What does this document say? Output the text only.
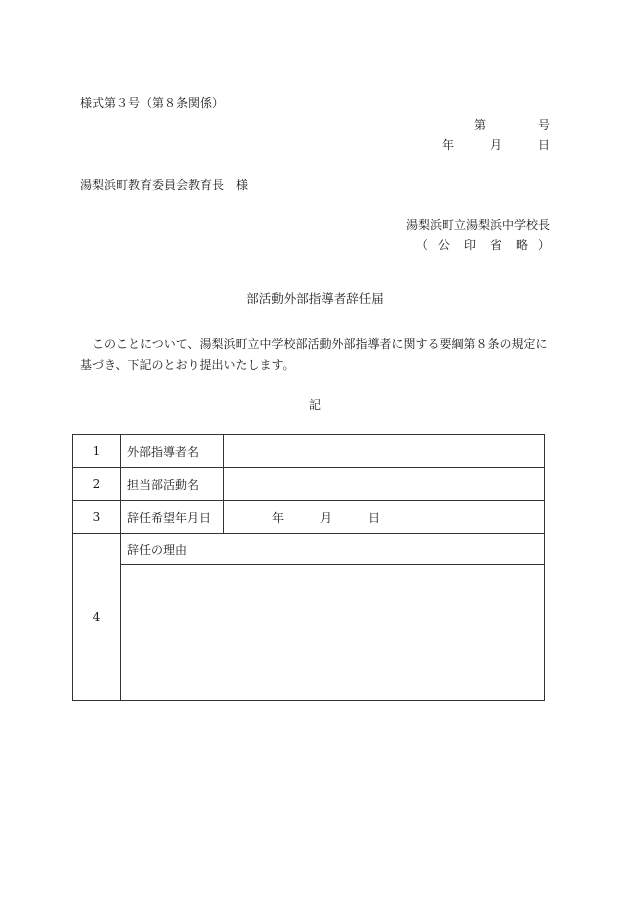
様式第３号（第８条関係）
第	号
年	月	日
湯梨浜町教育委員会教育長　様
湯梨浜町立湯梨浜中学校長
（ 公 印 省 略 ）
部活動外部指導者辞任届
このことについて、湯梨浜町立中学校部活動外部指導者に関する要綱第８条の規定に基づき、下記のとおり提出いたします。
記
1	外部指導者名	
2	担当部活動名	
3	辞任希望年月日	年 月 日
4	辞任の理由	
